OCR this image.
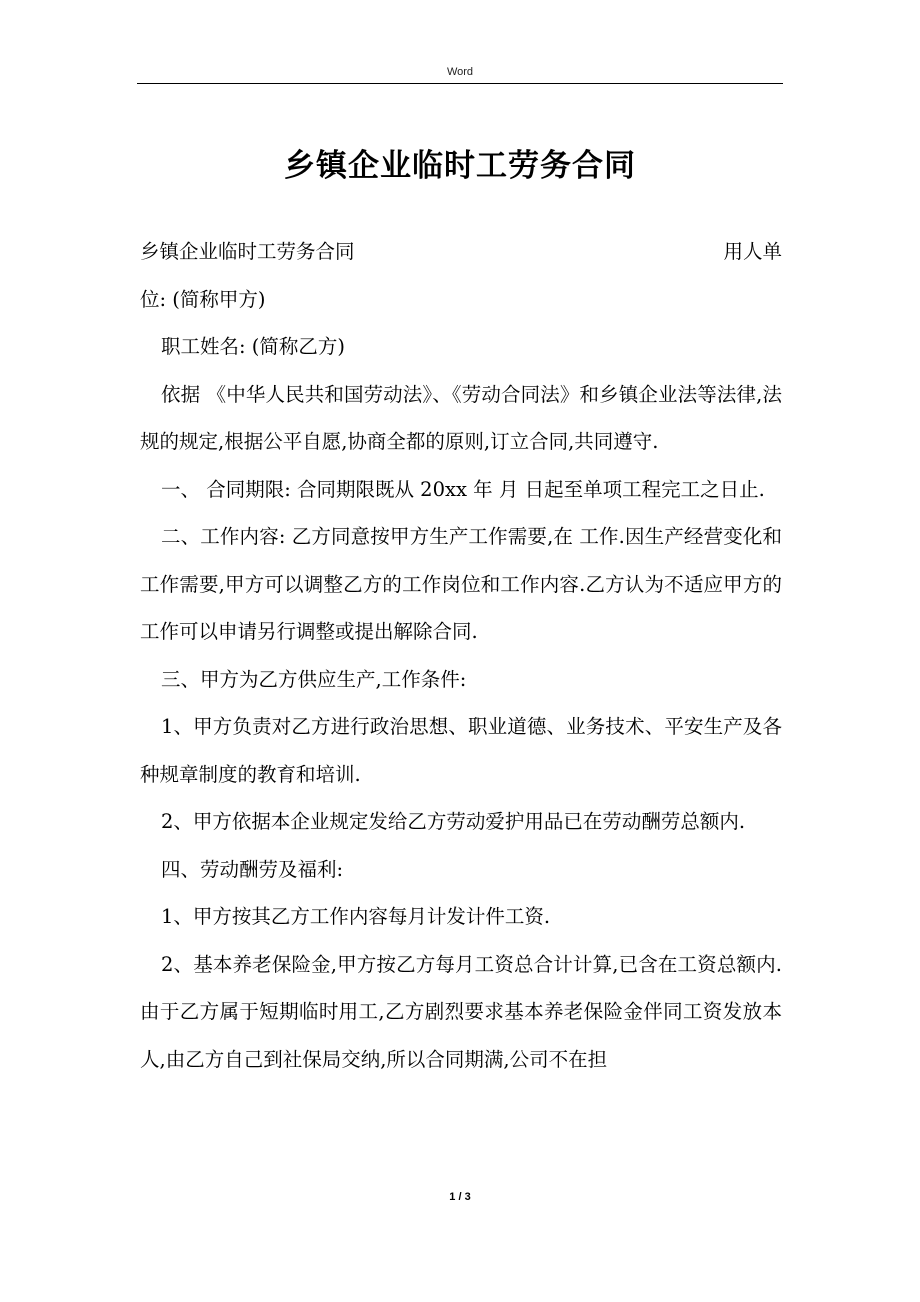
Word
乡镇企业临时工劳务合同
乡镇企业临时工劳务合同	用人单

位: (简称甲方)

职工姓名: (简称乙方)

依据 《中华人民共和国劳动法》、《劳动合同法》和乡镇企业法等法律,法规的规定,根据公平自愿,协商全都的原则,订立合同,共同遵守.

一、 合同期限: 合同期限既从 20xx 年 月 日起至单项工程完工之日止.

二、工作内容: 乙方同意按甲方生产工作需要,在 工作.因生产经营变化和工作需要,甲方可以调整乙方的工作岗位和工作内容.乙方认为不适应甲方的工作可以申请另行调整或提出解除合同.

三、甲方为乙方供应生产,工作条件:

1、甲方负责对乙方进行政治思想、职业道德、业务技术、平安生产及各种规章制度的教育和培训.

2、甲方依据本企业规定发给乙方劳动爱护用品已在劳动酬劳总额内.

四、劳动酬劳及福利:

1、甲方按其乙方工作内容每月计发计件工资.

2、基本养老保险金,甲方按乙方每月工资总合计计算,已含在工资总额内.由于乙方属于短期临时用工,乙方剧烈要求基本养老保险金伴同工资发放本人,由乙方自己到社保局交纳,所以合同期满,公司不在担

1 / 3
